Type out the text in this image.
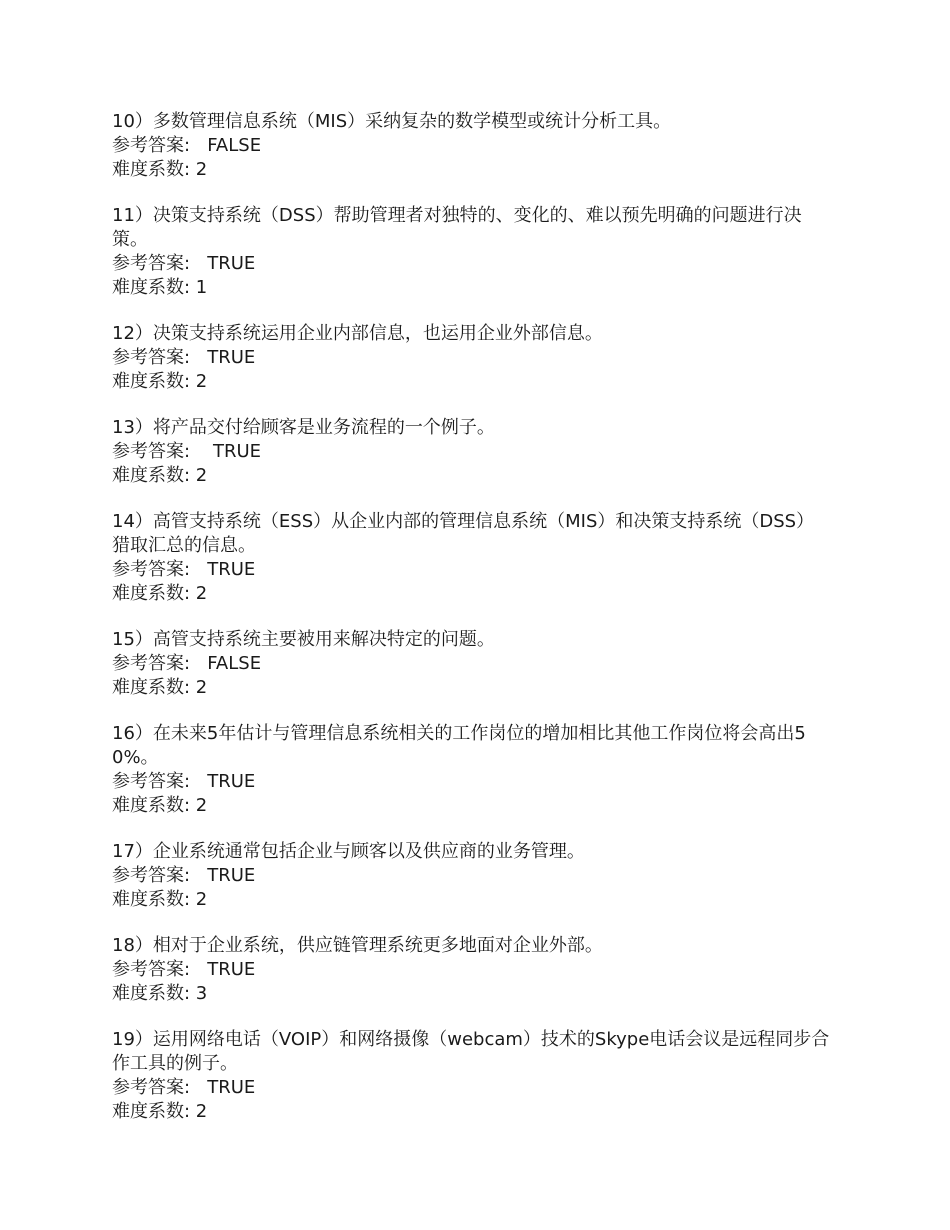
10）多数管理信息系统（MIS）采纳复杂的数学模型或统计分析工具。

参考答案:   FALSE

难度系数: 2

11）决策支持系统（DSS）帮助管理者对独特的、变化的、难以预先明确的问题进行决策。

参考答案:   TRUE

难度系数: 1

12）决策支持系统运用企业内部信息，也运用企业外部信息。

参考答案:   TRUE

难度系数: 2

13）将产品交付给顾客是业务流程的一个例子。

参考答案:    TRUE

难度系数: 2

14）高管支持系统（ESS）从企业内部的管理信息系统（MIS）和决策支持系统（DSS）猎取汇总的信息。

参考答案:   TRUE

难度系数: 2

15）高管支持系统主要被用来解决特定的问题。

参考答案:   FALSE

难度系数: 2

16）在未来5年估计与管理信息系统相关的工作岗位的增加相比其他工作岗位将会高出50%。

参考答案:   TRUE

难度系数: 2

17）企业系统通常包括企业与顾客以及供应商的业务管理。

参考答案:   TRUE

难度系数: 2

18）相对于企业系统，供应链管理系统更多地面对企业外部。

参考答案:   TRUE

难度系数: 3

19）运用网络电话（VOIP）和网络摄像（webcam）技术的Skype电话会议是远程同步合作工具的例子。

参考答案:   TRUE

难度系数: 2
